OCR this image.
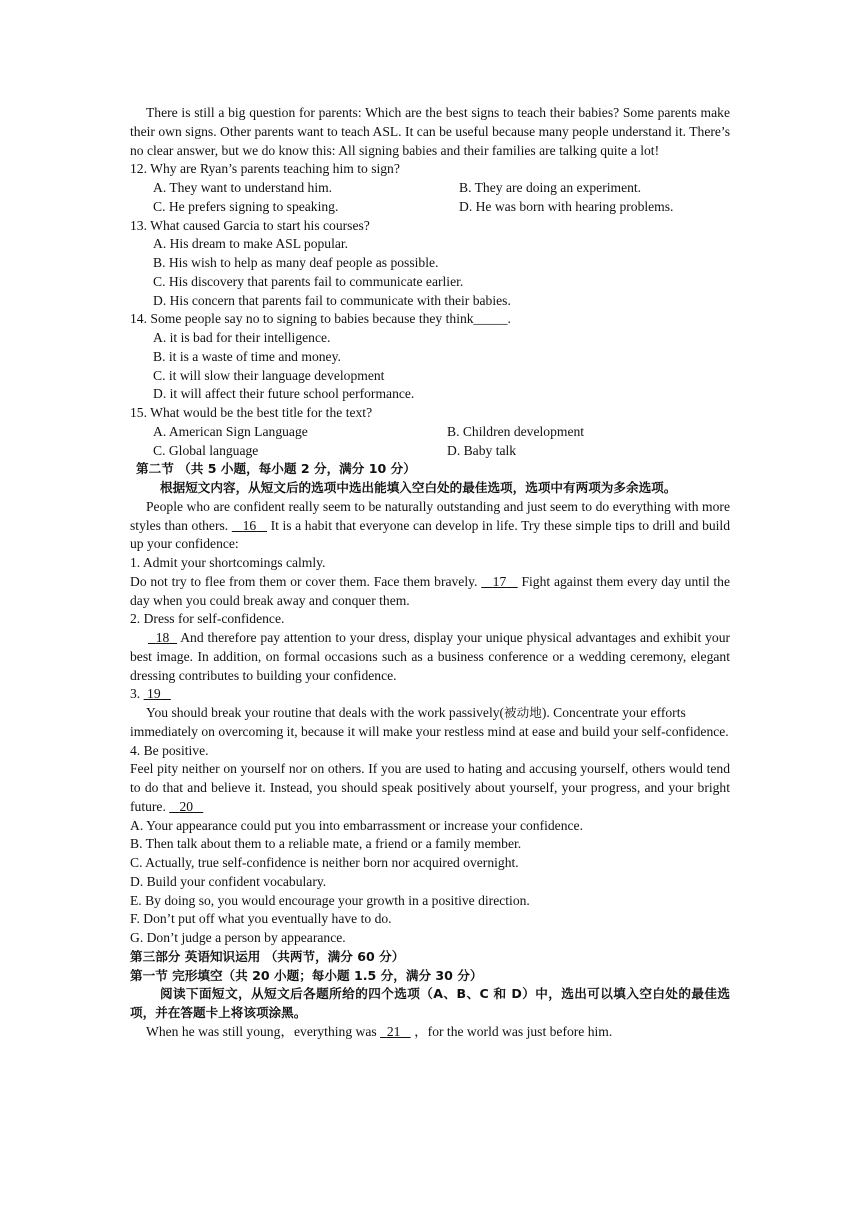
There is still a big question for parents: Which are the best signs to teach their babies? Some parents make their own signs. Other parents want to teach ASL. It can be useful because many people understand it. There’s no clear answer, but we do know this: All signing babies and their families are talking quite a lot!

12. Why are Ryan’s parents teaching him to sign?

A. They want to understand him.	B. They are doing an experiment.
C. He prefers signing to speaking.	D. He was born with hearing problems.

13. What caused Garcia to start his courses?

A. His dream to make ASL popular.

B. His wish to help as many deaf people as possible.

C. His discovery that parents fail to communicate earlier.

D. His concern that parents fail to communicate with their babies.

14. Some people say no to signing to babies because they think_____.

A. it is bad for their intelligence.

B. it is a waste of time and money.

C. it will slow their language development

D. it will affect their future school performance.

15. What would be the best title for the text?

A. American Sign Language	B. Children development
C. Global language	D. Baby talk

第二节 （共 5 小题，每小题 2 分，满分 10 分）

根据短文内容，从短文后的选项中选出能填入空白处的最佳选项，选项中有两项为多余选项。

People who are confident really seem to be naturally outstanding and just seem to do everything with more styles than others. 16 It is a habit that everyone can develop in life. Try these simple tips to drill and build up your confidence:

1. Admit your shortcomings calmly.

Do not try to flee from them or cover them. Face them bravely. 17 Fight against them every day until the day when you could break away and conquer them.

2. Dress for self-confidence.

18 And therefore pay attention to your dress, display your unique physical advantages and exhibit your best image. In addition, on formal occasions such as a business conference or a wedding ceremony, elegant dressing contributes to building your confidence.

3. 19

You should break your routine that deals with the work passively(被动地). Concentrate your efforts immediately on overcoming it, because it will make your restless mind at ease and build your self-confidence.

4. Be positive.

Feel pity neither on yourself nor on others. If you are used to hating and accusing yourself, others would tend to do that and believe it. Instead, you should speak positively about yourself, your progress, and your bright future. 20

A. Your appearance could put you into embarrassment or increase your confidence.

B. Then talk about them to a reliable mate, a friend or a family member.

C. Actually, true self-confidence is neither born nor acquired overnight.

D. Build your confident vocabulary.

E. By doing so, you would encourage your growth in a positive direction.

F. Don’t put off what you eventually have to do.

G. Don’t judge a person by appearance.

第三部分 英语知识运用 （共两节，满分 60 分）

第一节 完形填空（共 20 小题；每小题 1.5 分，满分 30 分）

阅读下面短文，从短文后各题所给的四个选项（A、B、C 和 D）中，选出可以填入空白处的最佳选项，并在答题卡上将该项涂黑。

When he was still young，everything was 21 ，for the world was just before him.
